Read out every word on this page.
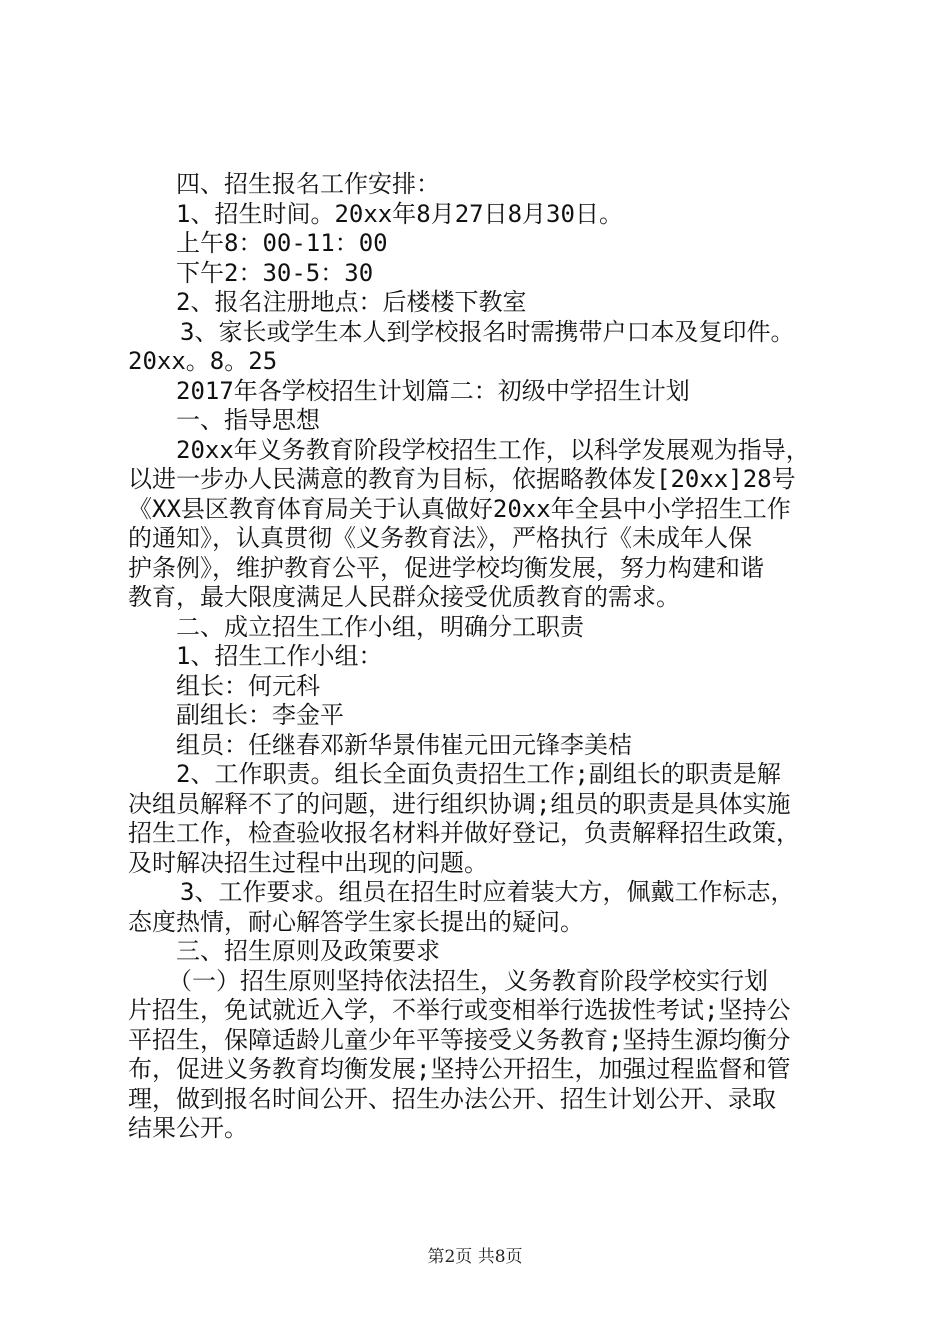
四、招生报名工作安排：

1、招生时间。20xx年8月27日8月30日。

上午8：00-11：00

下午2：30-5：30

2、报名注册地点：后楼楼下教室

3、家长或学生本人到学校报名时需携带户口本及复印件。

20xx。8。25

2017年各学校招生计划篇二：初级中学招生计划

一、指导思想

20xx年义务教育阶段学校招生工作，以科学发展观为指导，

以进一步办人民满意的教育为目标，依据略教体发[20xx]28号

《XX县区教育体育局关于认真做好20xx年全县中小学招生工作

的通知》，认真贯彻《义务教育法》，严格执行《未成年人保

护条例》，维护教育公平，促进学校均衡发展，努力构建和谐

教育，最大限度满足人民群众接受优质教育的需求。

二、成立招生工作小组，明确分工职责

1、招生工作小组：

组长：何元科

副组长：李金平

组员：任继春邓新华景伟崔元田元锋李美桔

2、工作职责。组长全面负责招生工作;副组长的职责是解

决组员解释不了的问题，进行组织协调;组员的职责是具体实施

招生工作，检查验收报名材料并做好登记，负责解释招生政策，

及时解决招生过程中出现的问题。

3、工作要求。组员在招生时应着装大方，佩戴工作标志，

态度热情，耐心解答学生家长提出的疑问。

三、招生原则及政策要求

（一）招生原则坚持依法招生，义务教育阶段学校实行划

片招生，免试就近入学，不举行或变相举行选拔性考试;坚持公

平招生，保障适龄儿童少年平等接受义务教育;坚持生源均衡分

布，促进义务教育均衡发展;坚持公开招生，加强过程监督和管

理，做到报名时间公开、招生办法公开、招生计划公开、录取

结果公开。

第2页 共8页
